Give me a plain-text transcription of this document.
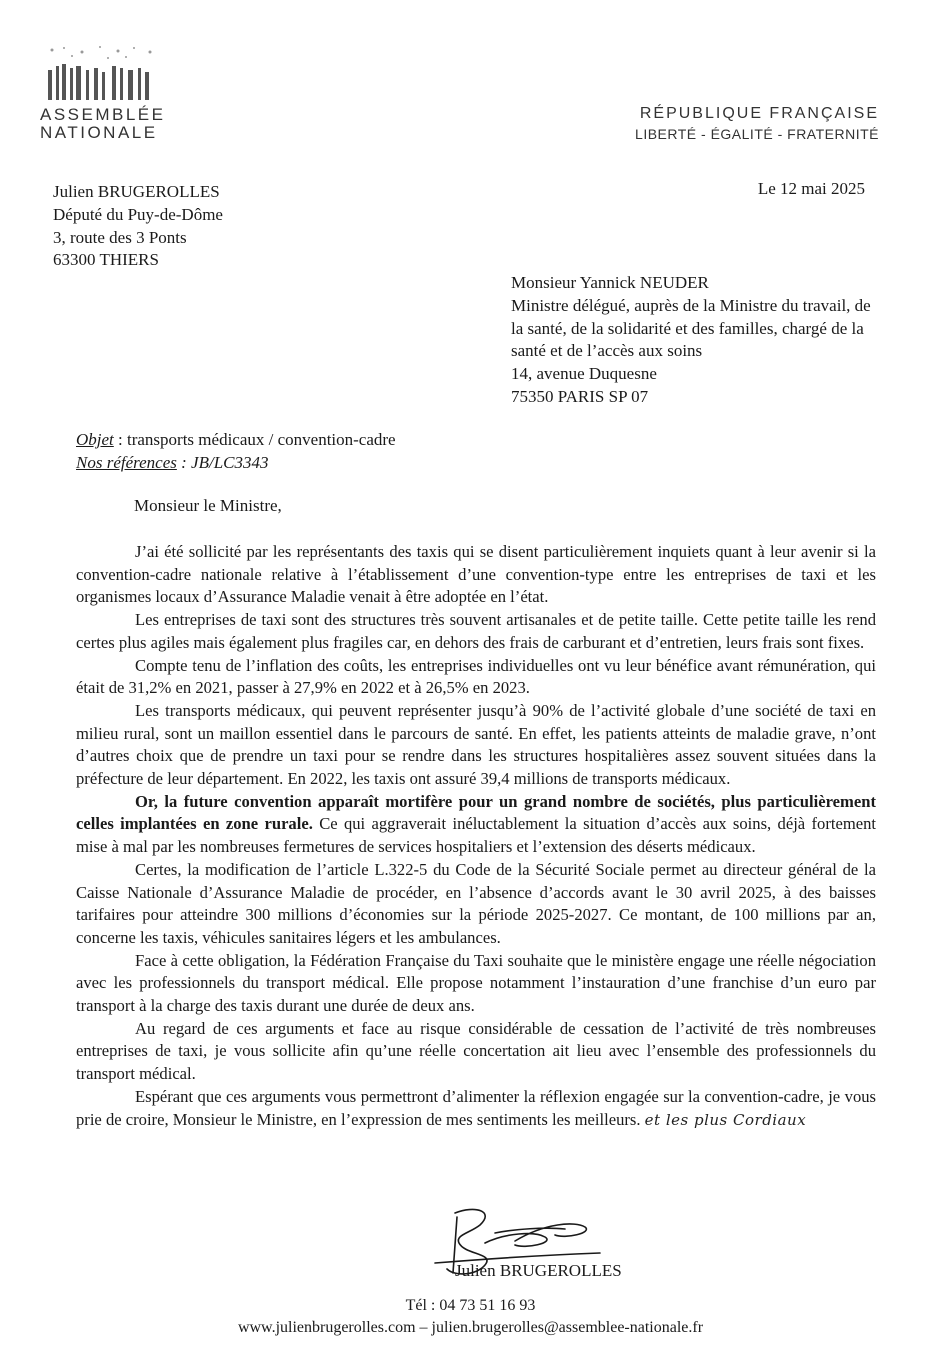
ASSEMBLÉE
NATIONALE
RÉPUBLIQUE FRANÇAISE
LIBERTÉ - ÉGALITÉ - FRATERNITÉ
Julien BRUGEROLLES
Député du Puy-de-Dôme
3, route des 3 Ponts
63300 THIERS
Le 12 mai 2025
Monsieur Yannick NEUDER
Ministre délégué, auprès de la Ministre du travail, de la santé, de la solidarité et des familles, chargé de la santé et de l’accès aux soins
14, avenue Duquesne
75350 PARIS SP 07
Objet : transports médicaux / convention-cadre
Nos références : JB/LC3343
Monsieur le Ministre,

J’ai été sollicité par les représentants des taxis qui se disent particulièrement inquiets quant à leur avenir si la convention-cadre nationale relative à l’établissement d’une convention-type entre les entreprises de taxi et les organismes locaux d’Assurance Maladie venait à être adoptée en l’état.

Les entreprises de taxi sont des structures très souvent artisanales et de petite taille. Cette petite taille les rend certes plus agiles mais également plus fragiles car, en dehors des frais de carburant et d’entretien, leurs frais sont fixes.

Compte tenu de l’inflation des coûts, les entreprises individuelles ont vu leur bénéfice avant rémunération, qui était de 31,2% en 2021, passer à 27,9% en 2022 et à 26,5% en 2023.

Les transports médicaux, qui peuvent représenter jusqu’à 90% de l’activité globale d’une société de taxi en milieu rural, sont un maillon essentiel dans le parcours de santé. En effet, les patients atteints de maladie grave, n’ont d’autres choix que de prendre un taxi pour se rendre dans les structures hospitalières assez souvent situées dans la préfecture de leur département. En 2022, les taxis ont assuré 39,4 millions de transports médicaux.

Or, la future convention apparaît mortifère pour un grand nombre de sociétés, plus particulièrement celles implantées en zone rurale. Ce qui aggraverait inéluctablement la situation d’accès aux soins, déjà fortement mise à mal par les nombreuses fermetures de services hospitaliers et l’extension des déserts médicaux.

Certes, la modification de l’article L.322-5 du Code de la Sécurité Sociale permet au directeur général de la Caisse Nationale d’Assurance Maladie de procéder, en l’absence d’accords avant le 30 avril 2025, à des baisses tarifaires pour atteindre 300 millions d’économies sur la période 2025-2027. Ce montant, de 100 millions par an, concerne les taxis, véhicules sanitaires légers et les ambulances.

Face à cette obligation, la Fédération Française du Taxi souhaite que le ministère engage une réelle négociation avec les professionnels du transport médical. Elle propose notamment l’instauration d’une franchise d’un euro par transport à la charge des taxis durant une durée de deux ans.

Au regard de ces arguments et face au risque considérable de cessation de l’activité de très nombreuses entreprises de taxi, je vous sollicite afin qu’une réelle concertation ait lieu avec l’ensemble des professionnels du transport médical.

Espérant que ces arguments vous permettront d’alimenter la réflexion engagée sur la convention-cadre, je vous prie de croire, Monsieur le Ministre, en l’expression de mes sentiments les meilleurs. et les plus Cordiaux

Julien BRUGEROLLES
Tél : 04 73 51 16 93
www.julienbrugerolles.com – julien.brugerolles@assemblee-nationale.fr
